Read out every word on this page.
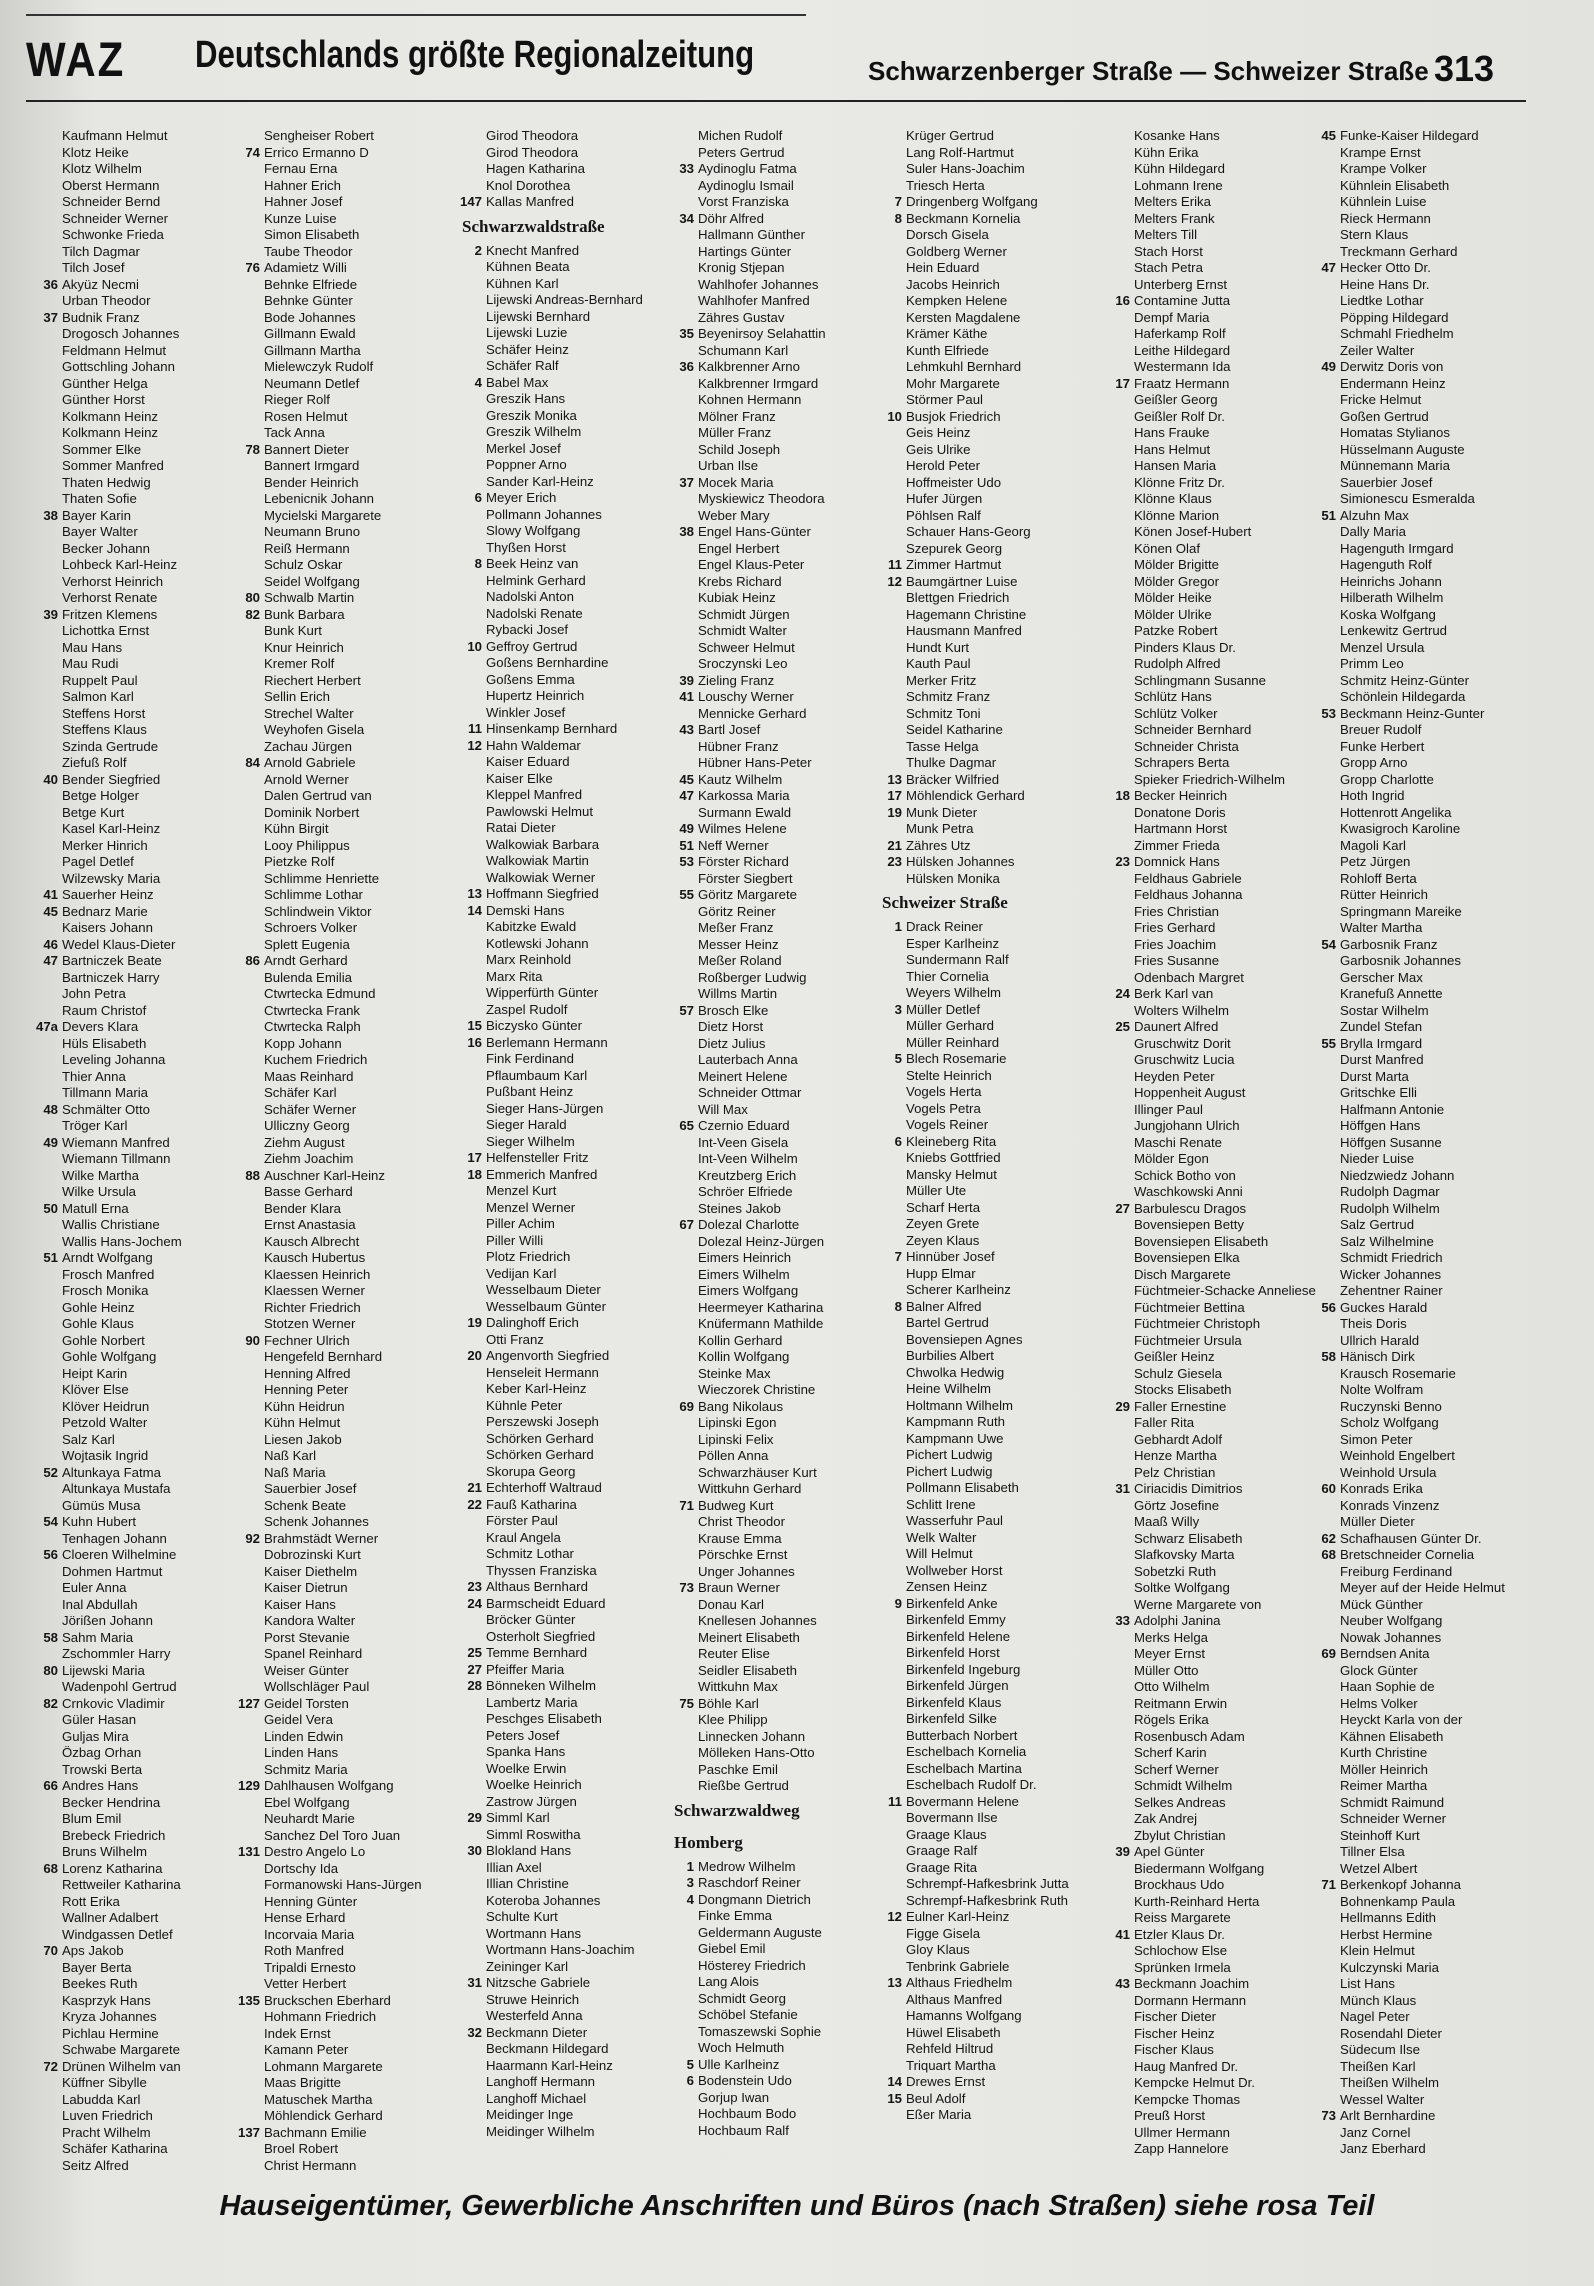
WAZ Deutschlands größte Regionalzeitung	Schwarzenberger Straße — Schweizer Straße 313
Kaufmann Helmut
Klotz Heike
Klotz Wilhelm
Oberst Hermann
Schneider Bernd
Schneider Werner
Schwonke Frieda
Tilch Dagmar
Tilch Josef
36 Akyüz Necmi
Urban Theodor
37 Budnik Franz
Drogosch Johannes
Feldmann Helmut
Gottschling Johann
Günther Helga
Günther Horst
Kolkmann Heinz
Kolkmann Heinz
Sommer Elke
Sommer Manfred
Thaten Hedwig
Thaten Sofie
38 Bayer Karin
Bayer Walter
Becker Johann
Lohbeck Karl-Heinz
Verhorst Heinrich
Verhorst Renate
39 Fritzen Klemens
Lichottka Ernst
Mau Hans
Mau Rudi
Ruppelt Paul
Salmon Karl
Steffens Horst
Steffens Klaus
Szinda Gertrude
Ziefuß Rolf
40 Bender Siegfried
Betge Holger
Betge Kurt
Kasel Karl-Heinz
Merker Hinrich
Pagel Detlef
Wilzewsky Maria
41 Sauerher Heinz
45 Bednarz Marie
Kaisers Johann
46 Wedel Klaus-Dieter
47 Bartniczek Beate
Bartniczek Harry
John Petra
Raum Christof
47a Devers Klara
Hüls Elisabeth
Leveling Johanna
Thier Anna
Tillmann Maria
48 Schmälter Otto
Tröger Karl
49 Wiemann Manfred
Wiemann Tillmann
Wilke Martha
Wilke Ursula
50 Matull Erna
Wallis Christiane
Wallis Hans-Jochem
51 Arndt Wolfgang
Frosch Manfred
Frosch Monika
Gohle Heinz
Gohle Klaus
Gohle Norbert
Gohle Wolfgang
Heipt Karin
Klöver Else
Klöver Heidrun
Petzold Walter
Salz Karl
Wojtasik Ingrid
52 Altunkaya Fatma
Altunkaya Mustafa
Gümüs Musa
54 Kuhn Hubert
Tenhagen Johann
56 Cloeren Wilhelmine
Dohmen Hartmut
Euler Anna
Inal Abdullah
Jörißen Johann
58 Sahm Maria
Zschommler Harry
80 Lijewski Maria
Wadenpohl Gertrud
82 Crnkovic Vladimir
Güler Hasan
Guljas Mira
Özbag Orhan
Trowski Berta
66 Andres Hans
Becker Hendrina
Blum Emil
Brebeck Friedrich
Bruns Wilhelm
68 Lorenz Katharina
Rettweiler Katharina
Rott Erika
Wallner Adalbert
Windgassen Detlef
70 Aps Jakob
Bayer Berta
Beekes Ruth
Kasprzyk Hans
Kryza Johannes
Pichlau Hermine
Schwabe Margarete
72 Drünen Wilhelm van
Küffner Sibylle
Labudda Karl
Luven Friedrich
Pracht Wilhelm
Schäfer Katharina
Seitz Alfred
Sengheiser Robert
74 Errico Ermanno D
Fernau Erna
Hahner Erich
Hahner Josef
Kunze Luise
Simon Elisabeth
Taube Theodor
76 Adamietz Willi
Behnke Elfriede
Behnke Günter
Bode Johannes
Gillmann Ewald
Gillmann Martha
Mielewczyk Rudolf
Neumann Detlef
Rieger Rolf
Rosen Helmut
Tack Anna
78 Bannert Dieter
Bannert Irmgard
Bender Heinrich
Lebenicnik Johann
Mycielski Margarete
Neumann Bruno
Reiß Hermann
Schulz Oskar
Seidel Wolfgang
80 Schwalb Martin
82 Bunk Barbara
Bunk Kurt
Knur Heinrich
Kremer Rolf
Riechert Herbert
Sellin Erich
Strechel Walter
Weyhofen Gisela
Zachau Jürgen
84 Arnold Gabriele
Arnold Werner
Dalen Gertrud van
Dominik Norbert
Kühn Birgit
Looy Philippus
Pietzke Rolf
Schlimme Henriette
Schlimme Lothar
Schlindwein Viktor
Schroers Volker
Splett Eugenia
86 Arndt Gerhard
Bulenda Emilia
Ctwrtecka Edmund
Ctwrtecka Frank
Ctwrtecka Ralph
Kopp Johann
Kuchem Friedrich
Maas Reinhard
Schäfer Karl
Schäfer Werner
Ulliczny Georg
Ziehm August
Ziehm Joachim
88 Auschner Karl-Heinz
Basse Gerhard
Bender Klara
Ernst Anastasia
Kausch Albrecht
Kausch Hubertus
Klaessen Heinrich
Klaessen Werner
Richter Friedrich
Stotzen Werner
90 Fechner Ulrich
Hengefeld Bernhard
Henning Alfred
Henning Peter
Kühn Heidrun
Kühn Helmut
Liesen Jakob
Naß Karl
Naß Maria
Sauerbier Josef
Schenk Beate
Schenk Johannes
92 Brahmstädt Werner
Dobrozinski Kurt
Kaiser Diethelm
Kaiser Dietrun
Kaiser Hans
Kandora Walter
Porst Stevanie
Spanel Reinhard
Weiser Günter
Wollschläger Paul
127 Geidel Torsten
Geidel Vera
Linden Edwin
Linden Hans
Schmitz Maria
129 Dahlhausen Wolfgang
Ebel Wolfgang
Neuhardt Marie
Sanchez Del Toro Juan
131 Destro Angelo Lo
Dortschy Ida
Formanowski Hans-Jürgen
Henning Günter
Hense Erhard
Incorvaia Maria
Roth Manfred
Tripaldi Ernesto
Vetter Herbert
135 Bruckschen Eberhard
Hohmann Friedrich
Indek Ernst
Kamann Peter
Lohmann Margarete
Maas Brigitte
Matuschek Martha
Möhlendick Gerhard
137 Bachmann Emilie
Broel Robert
Christ Hermann
Girod Theodora
Girod Theodora
Hagen Katharina
Knol Dorothea
147 Kallas Manfred
Schwarzwaldstraße
2 Knecht Manfred
Kühnen Beata
Kühnen Karl
Lijewski Andreas-Bernhard
Lijewski Bernhard
Lijewski Luzie
Schäfer Heinz
Schäfer Ralf
4 Babel Max
Greszik Hans
Greszik Monika
Greszik Wilhelm
Merkel Josef
Poppner Arno
Sander Karl-Heinz
6 Meyer Erich
Pollmann Johannes
Slowy Wolfgang
Thyßen Horst
8 Beek Heinz van
Helmink Gerhard
Nadolski Anton
Nadolski Renate
Rybacki Josef
10 Geffroy Gertrud
Goßens Bernhardine
Goßens Emma
Hupertz Heinrich
Winkler Josef
11 Hinsenkamp Bernhard
12 Hahn Waldemar
Kaiser Eduard
Kaiser Elke
Kleppel Manfred
Pawlowski Helmut
Ratai Dieter
Walkowiak Barbara
Walkowiak Martin
Walkowiak Werner
13 Hoffmann Siegfried
14 Demski Hans
Kabitzke Ewald
Kotlewski Johann
Marx Reinhold
Marx Rita
Wipperfürth Günter
Zaspel Rudolf
15 Biczysko Günter
16 Berlemann Hermann
Fink Ferdinand
Pflaumbaum Karl
Pußbant Heinz
Sieger Hans-Jürgen
Sieger Harald
Sieger Wilhelm
17 Helfensteller Fritz
18 Emmerich Manfred
Menzel Kurt
Menzel Werner
Piller Achim
Piller Willi
Plotz Friedrich
Vedijan Karl
Wesselbaum Dieter
Wesselbaum Günter
19 Dalinghoff Erich
Otti Franz
20 Angenvorth Siegfried
Henseleit Hermann
Keber Karl-Heinz
Kühnle Peter
Perszewski Joseph
Schörken Gerhard
Schörken Gerhard
Skorupa Georg
21 Echterhoff Waltraud
22 Fauß Katharina
Förster Paul
Kraul Angela
Schmitz Lothar
Thyssen Franziska
23 Althaus Bernhard
24 Barmscheidt Eduard
Bröcker Günter
Osterholt Siegfried
25 Temme Bernhard
27 Pfeiffer Maria
28 Bönneken Wilhelm
Lambertz Maria
Peschges Elisabeth
Peters Josef
Spanka Hans
Woelke Erwin
Woelke Heinrich
Zastrow Jürgen
29 Simml Karl
Simml Roswitha
30 Blokland Hans
Illian Axel
Illian Christine
Koteroba Johannes
Schulte Kurt
Wortmann Hans
Wortmann Hans-Joachim
Zeininger Karl
31 Nitzsche Gabriele
Struwe Heinrich
Westerfeld Anna
32 Beckmann Dieter
Beckmann Hildegard
Haarmann Karl-Heinz
Langhoff Hermann
Langhoff Michael
Meidinger Inge
Meidinger Wilhelm
Michen Rudolf
Peters Gertrud
33 Aydinoglu Fatma
Aydinoglu Ismail
Vorst Franziska
34 Döhr Alfred
Hallmann Günther
Hartings Günter
Kronig Stjepan
Wahlhofer Johannes
Wahlhofer Manfred
Zähres Gustav
35 Beyenirsoy Selahattin
Schumann Karl
36 Kalkbrenner Arno
Kalkbrenner Irmgard
Kohnen Hermann
Mölner Franz
Müller Franz
Schild Joseph
Urban Ilse
37 Mocek Maria
Myskiewicz Theodora
Weber Mary
38 Engel Hans-Günter
Engel Herbert
Engel Klaus-Peter
Krebs Richard
Kubiak Heinz
Schmidt Jürgen
Schmidt Walter
Schweer Helmut
Sroczynski Leo
39 Zieling Franz
41 Louschy Werner
Mennicke Gerhard
43 Bartl Josef
Hübner Franz
Hübner Hans-Peter
45 Kautz Wilhelm
47 Karkossa Maria
Surmann Ewald
49 Wilmes Helene
51 Neff Werner
53 Förster Richard
Förster Siegbert
55 Göritz Margarete
Göritz Reiner
Meßer Franz
Messer Heinz
Meßer Roland
Roßberger Ludwig
Willms Martin
57 Brosch Elke
Dietz Horst
Dietz Julius
Lauterbach Anna
Meinert Helene
Schneider Ottmar
Will Max
65 Czernio Eduard
Int-Veen Gisela
Int-Veen Wilhelm
Kreutzberg Erich
Schröer Elfriede
Steines Jakob
67 Dolezal Charlotte
Dolezal Heinz-Jürgen
Eimers Heinrich
Eimers Wilhelm
Eimers Wolfgang
Heermeyer Katharina
Knüfermann Mathilde
Kollin Gerhard
Kollin Wolfgang
Steinke Max
Wieczorek Christine
69 Bang Nikolaus
Lipinski Egon
Lipinski Felix
Pöllen Anna
Schwarzhäuser Kurt
Wittkuhn Gerhard
71 Budweg Kurt
Christ Theodor
Krause Emma
Pörschke Ernst
Unger Johannes
73 Braun Werner
Donau Karl
Knellesen Johannes
Meinert Elisabeth
Reuter Elise
Seidler Elisabeth
Wittkuhn Max
75 Böhle Karl
Klee Philipp
Linnecken Johann
Mölleken Hans-Otto
Paschke Emil
Rießbe Gertrud
Schwarzwaldweg
Homberg
1 Medrow Wilhelm
3 Raschdorf Reiner
4 Dongmann Dietrich
Finke Emma
Geldermann Auguste
Giebel Emil
Hösterey Friedrich
Lang Alois
Schmidt Georg
Schöbel Stefanie
Tomaszewski Sophie
Woch Helmuth
5 Ulle Karlheinz
6 Bodenstein Udo
Gorjup Iwan
Hochbaum Bodo
Hochbaum Ralf
Krüger Gertrud
Lang Rolf-Hartmut
Suler Hans-Joachim
Triesch Herta
7 Dringenberg Wolfgang
8 Beckmann Kornelia
Dorsch Gisela
Goldberg Werner
Hein Eduard
Jacobs Heinrich
Kempken Helene
Kersten Magdalene
Krämer Käthe
Kunth Elfriede
Lehmkuhl Bernhard
Mohr Margarete
Störmer Paul
10 Busjok Friedrich
Geis Heinz
Geis Ulrike
Herold Peter
Hoffmeister Udo
Hufer Jürgen
Pöhlsen Ralf
Schauer Hans-Georg
Szepurek Georg
11 Zimmer Hartmut
12 Baumgärtner Luise
Blettgen Friedrich
Hagemann Christine
Hausmann Manfred
Hundt Kurt
Kauth Paul
Merker Fritz
Schmitz Franz
Schmitz Toni
Seidel Katharine
Tasse Helga
Thulke Dagmar
13 Bräcker Wilfried
17 Möhlendick Gerhard
19 Munk Dieter
Munk Petra
21 Zähres Utz
23 Hülsken Johannes
Hülsken Monika
Schweizer Straße
1 Drack Reiner
Esper Karlheinz
Sundermann Ralf
Thier Cornelia
Weyers Wilhelm
3 Müller Detlef
Müller Gerhard
Müller Reinhard
5 Blech Rosemarie
Stelte Heinrich
Vogels Herta
Vogels Petra
Vogels Reiner
6 Kleineberg Rita
Kniebs Gottfried
Mansky Helmut
Müller Ute
Scharf Herta
Zeyen Grete
Zeyen Klaus
7 Hinnüber Josef
Hupp Elmar
Scherer Karlheinz
8 Balner Alfred
Bartel Gertrud
Bovensiepen Agnes
Burbilies Albert
Chwolka Hedwig
Heine Wilhelm
Holtmann Wilhelm
Kampmann Ruth
Kampmann Uwe
Pichert Ludwig
Pichert Ludwig
Pollmann Elisabeth
Schlitt Irene
Wasserfuhr Paul
Welk Walter
Will Helmut
Wollweber Horst
Zensen Heinz
9 Birkenfeld Anke
Birkenfeld Emmy
Birkenfeld Helene
Birkenfeld Horst
Birkenfeld Ingeburg
Birkenfeld Jürgen
Birkenfeld Klaus
Birkenfeld Silke
Butterbach Norbert
Eschelbach Kornelia
Eschelbach Martina
Eschelbach Rudolf Dr.
11 Bovermann Helene
Bovermann Ilse
Graage Klaus
Graage Ralf
Graage Rita
Schrempf-Hafkesbrink Jutta
Schrempf-Hafkesbrink Ruth
12 Eulner Karl-Heinz
Figge Gisela
Gloy Klaus
Tenbrink Gabriele
13 Althaus Friedhelm
Althaus Manfred
Hamanns Wolfgang
Hüwel Elisabeth
Rehfeld Hiltrud
Triquart Martha
14 Drewes Ernst
15 Beul Adolf
Eßer Maria
Kosanke Hans
Kühn Erika
Kühn Hildegard
Lohmann Irene
Melters Erika
Melters Frank
Melters Till
Stach Horst
Stach Petra
Unterberg Ernst
16 Contamine Jutta
Dempf Maria
Haferkamp Rolf
Leithe Hildegard
Westermann Ida
17 Fraatz Hermann
Geißler Georg
Geißler Rolf Dr.
Hans Frauke
Hans Helmut
Hansen Maria
Klönne Fritz Dr.
Klönne Klaus
Klönne Marion
Könen Josef-Hubert
Könen Olaf
Mölder Brigitte
Mölder Gregor
Mölder Heike
Mölder Ulrike
Patzke Robert
Pinders Klaus Dr.
Rudolph Alfred
Schlingmann Susanne
Schlütz Hans
Schlütz Volker
Schneider Bernhard
Schneider Christa
Schrapers Berta
Spieker Friedrich-Wilhelm
18 Becker Heinrich
Donatone Doris
Hartmann Horst
Zimmer Frieda
23 Domnick Hans
Feldhaus Gabriele
Feldhaus Johanna
Fries Christian
Fries Gerhard
Fries Joachim
Fries Susanne
Odenbach Margret
24 Berk Karl van
Wolters Wilhelm
25 Daunert Alfred
Gruschwitz Dorit
Gruschwitz Lucia
Heyden Peter
Hoppenheit August
Illinger Paul
Jungjohann Ulrich
Maschi Renate
Mölder Egon
Schick Botho von
Waschkowski Anni
27 Barbulescu Dragos
Bovensiepen Betty
Bovensiepen Elisabeth
Bovensiepen Elka
Disch Margarete
Füchtmeier-Schacke Anneliese
Füchtmeier Bettina
Füchtmeier Christoph
Füchtmeier Ursula
Geißler Heinz
Schulz Giesela
Stocks Elisabeth
29 Faller Ernestine
Faller Rita
Gebhardt Adolf
Henze Martha
Pelz Christian
31 Ciriacidis Dimitrios
Görtz Josefine
Maaß Willy
Schwarz Elisabeth
Slafkovsky Marta
Sobetzki Ruth
Soltke Wolfgang
Werne Margarete von
33 Adolphi Janina
Merks Helga
Meyer Ernst
Müller Otto
Otto Wilhelm
Reitmann Erwin
Rögels Erika
Rosenbusch Adam
Scherf Karin
Scherf Werner
Schmidt Wilhelm
Selkes Andreas
Zak Andrej
Zbylut Christian
39 Apel Günter
Biedermann Wolfgang
Brockhaus Udo
Kurth-Reinhard Herta
Reiss Margarete
41 Etzler Klaus Dr.
Schlochow Else
Sprünken Irmela
43 Beckmann Joachim
Dormann Hermann
Fischer Dieter
Fischer Heinz
Fischer Klaus
Haug Manfred Dr.
Kempcke Helmut Dr.
Kempcke Thomas
Preuß Horst
Ullmer Hermann
Zapp Hannelore
45 Funke-Kaiser Hildegard
Krampe Ernst
Krampe Volker
Kühnlein Elisabeth
Kühnlein Luise
Rieck Hermann
Stern Klaus
Treckmann Gerhard
47 Hecker Otto Dr.
Heine Hans Dr.
Liedtke Lothar
Pöpping Hildegard
Schmahl Friedhelm
Zeiler Walter
49 Derwitz Doris von
Endermann Heinz
Fricke Helmut
Goßen Gertrud
Homatas Stylianos
Hüsselmann Auguste
Münnemann Maria
Sauerbier Josef
Simionescu Esmeralda
51 Alzuhn Max
Dally Maria
Hagenguth Irmgard
Hagenguth Rolf
Heinrichs Johann
Hilberath Wilhelm
Koska Wolfgang
Lenkewitz Gertrud
Menzel Ursula
Primm Leo
Schmitz Heinz-Günter
Schönlein Hildegarda
53 Beckmann Heinz-Gunter
Breuer Rudolf
Funke Herbert
Gropp Arno
Gropp Charlotte
Hoth Ingrid
Hottenrott Angelika
Kwasigroch Karoline
Magoli Karl
Petz Jürgen
Rohloff Berta
Rütter Heinrich
Springmann Mareike
Walter Martha
54 Garbosnik Franz
Garbosnik Johannes
Gerscher Max
Kranefuß Annette
Sostar Wilhelm
Zundel Stefan
55 Brylla Irmgard
Durst Manfred
Durst Marta
Gritschke Elli
Halfmann Antonie
Höffgen Hans
Höffgen Susanne
Nieder Luise
Niedzwiedz Johann
Rudolph Dagmar
Rudolph Wilhelm
Salz Gertrud
Salz Wilhelmine
Schmidt Friedrich
Wicker Johannes
Zehentner Rainer
56 Guckes Harald
Theis Doris
Ullrich Harald
58 Hänisch Dirk
Krausch Rosemarie
Nolte Wolfram
Ruczynski Benno
Scholz Wolfgang
Simon Peter
Weinhold Engelbert
Weinhold Ursula
60 Konrads Erika
Konrads Vinzenz
Müller Dieter
62 Schafhausen Günter Dr.
68 Bretschneider Cornelia
Freiburg Ferdinand
Meyer auf der Heide Helmut
Mück Günther
Neuber Wolfgang
Nowak Johannes
69 Berndsen Anita
Glock Günter
Haan Sophie de
Helms Volker
Heyckt Karla von der
Kähnen Elisabeth
Kurth Christine
Möller Heinrich
Reimer Martha
Schmidt Raimund
Schneider Werner
Steinhoff Kurt
Tillner Elsa
Wetzel Albert
71 Berkenkopf Johanna
Bohnenkamp Paula
Hellmanns Edith
Herbst Hermine
Klein Helmut
Kulczynski Maria
List Hans
Münch Klaus
Nagel Peter
Rosendahl Dieter
Südecum Ilse
Theißen Karl
Theißen Wilhelm
Wessel Walter
73 Arlt Bernhardine
Janz Cornel
Janz Eberhard
Hauseigentümer, Gewerbliche Anschriften und Büros (nach Straßen) siehe rosa Teil
